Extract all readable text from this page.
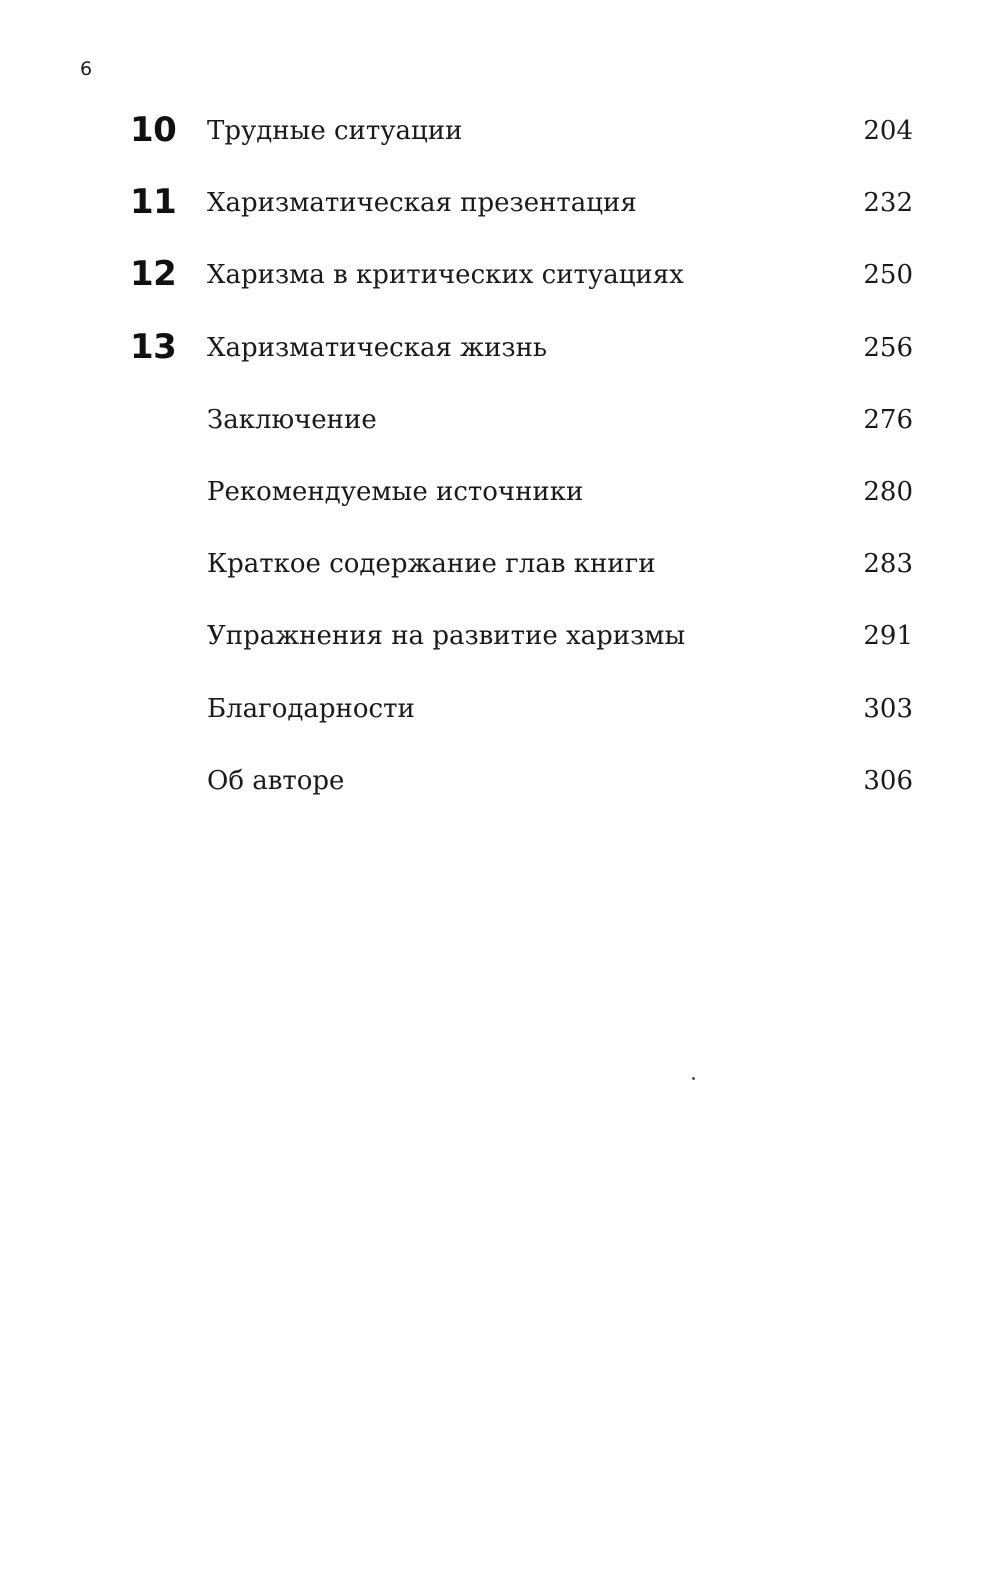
6
10 Трудные ситуации	204
11 Харизматическая презентация	232
12 Харизма в критических ситуациях	250
13 Харизматическая жизнь	256
Заключение	276
Рекомендуемые источники	280
Краткое содержание глав книги	283
Упражнения на развитие харизмы	291
Благодарности	303
Об авторе	306
